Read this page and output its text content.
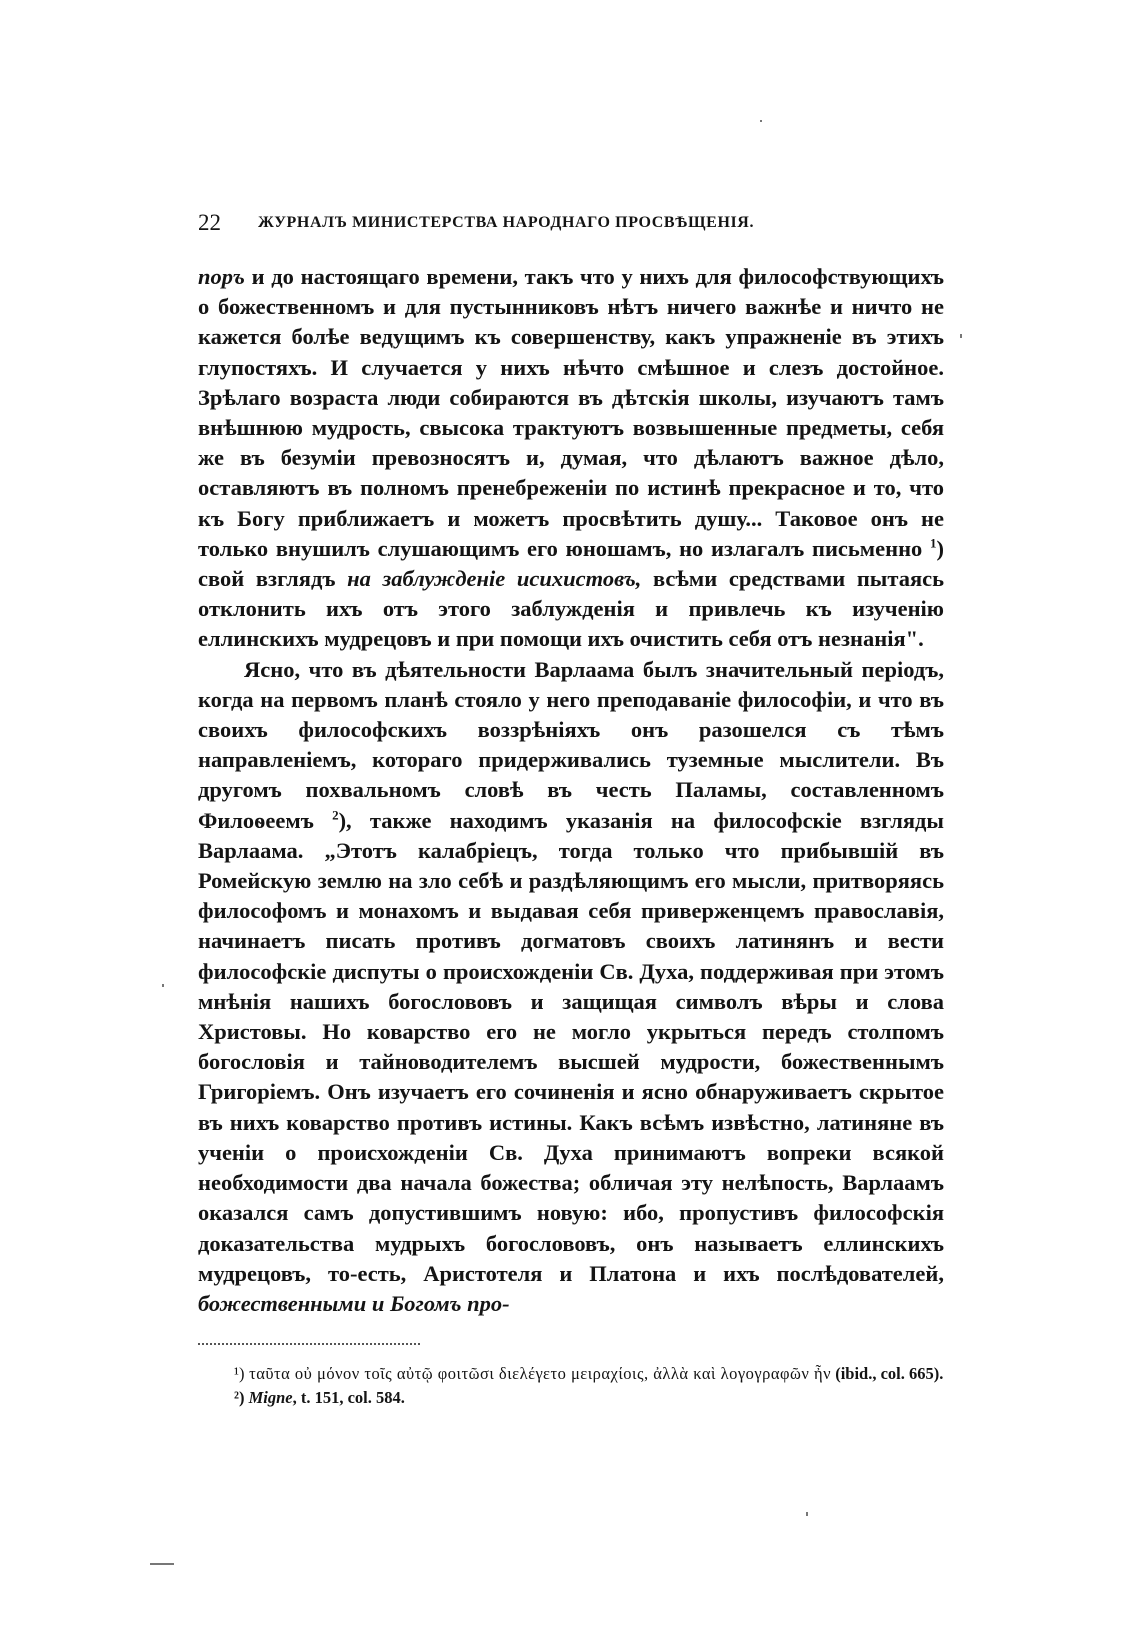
22 ЖУРНАЛЪ МИНИСТЕРСТВА НАРОДНАГО ПРОСВѢЩЕНІЯ.

поръ и до настоящаго времени, такъ что у нихъ для философствующихъ о божественномъ и для пустынниковъ нѣтъ ничего важнѣе и ничто не кажется болѣе ведущимъ къ совершенству, какъ упражненіе въ этихъ глупостяхъ. И случается у нихъ нѣчто смѣшное и слезъ достойное. Зрѣлаго возраста люди собираются въ дѣтскія школы, изучаютъ тамъ внѣшнюю мудрость, свысока трактуютъ возвышенные предметы, себя же въ безуміи превозносятъ и, думая, что дѣлаютъ важное дѣло, оставляютъ въ полномъ пренебреженіи по истинѣ прекрасное и то, что къ Богу приближаетъ и можетъ просвѣтить душу... Таковое онъ не только внушилъ слушающимъ его юношамъ, но излагалъ письменно $^1$) свой взглядъ на заблужденіе исихистовъ, всѣми средствами пытаясь отклонить ихъ отъ этого заблужденія и привлечь къ изученію еллинскихъ мудрецовъ и при помощи ихъ очистить себя отъ незнанія".

Ясно, что въ дѣятельности Варлаама былъ значительный періодъ, когда на первомъ планѣ стояло у него преподаваніе философіи, и что въ своихъ философскихъ воззрѣніяхъ онъ разошелся съ тѣмъ направленіемъ, котораго придерживались туземные мыслители. Въ другомъ похвальномъ словѣ въ честь Паламы, составленномъ Филоѳеемъ $^2$), также находимъ указанія на философскіе взгляды Варлаама. „Этотъ калабріецъ, тогда только что прибывшій въ Ромейскую землю на зло себѣ и раздѣляющимъ его мысли, притворяясь философомъ и монахомъ и выдавая себя приверженцемъ православія, начинаетъ писать противъ догматовъ своихъ латинянъ и вести философскіе диспуты о происхожденіи Св. Духа, поддерживая при этомъ мнѣнія нашихъ богослововъ и защищая символъ вѣры и слова Христовы. Но коварство его не могло укрыться передъ столпомъ богословія и тайноводителемъ высшей мудрости, божественнымъ Григоріемъ. Онъ изучаетъ его сочиненія и ясно обнаруживаетъ скрытое въ нихъ коварство противъ истины. Какъ всѣмъ извѣстно, латиняне въ ученіи о происхожденіи Св. Духа принимаютъ вопреки всякой необходимости два начала божества; обличая эту нелѣпость, Варлаамъ оказался самъ допустившимъ новую: ибо, пропустивъ философскія доказательства мудрыхъ богослововъ, онъ называетъ еллинскихъ мудрецовъ, то-есть, Аристотеля и Платона и ихъ послѣдователей, божественными и Богомъ про-

¹) ταῦτα οὐ μόνον τοῖς αὐτῷ φοιτῶσι διελέγετο μειραχίοις, ἀλλὰ καὶ λογογραφῶν ἦν (ibid., col. 665).

²) Migne, t. 151, col. 584.
